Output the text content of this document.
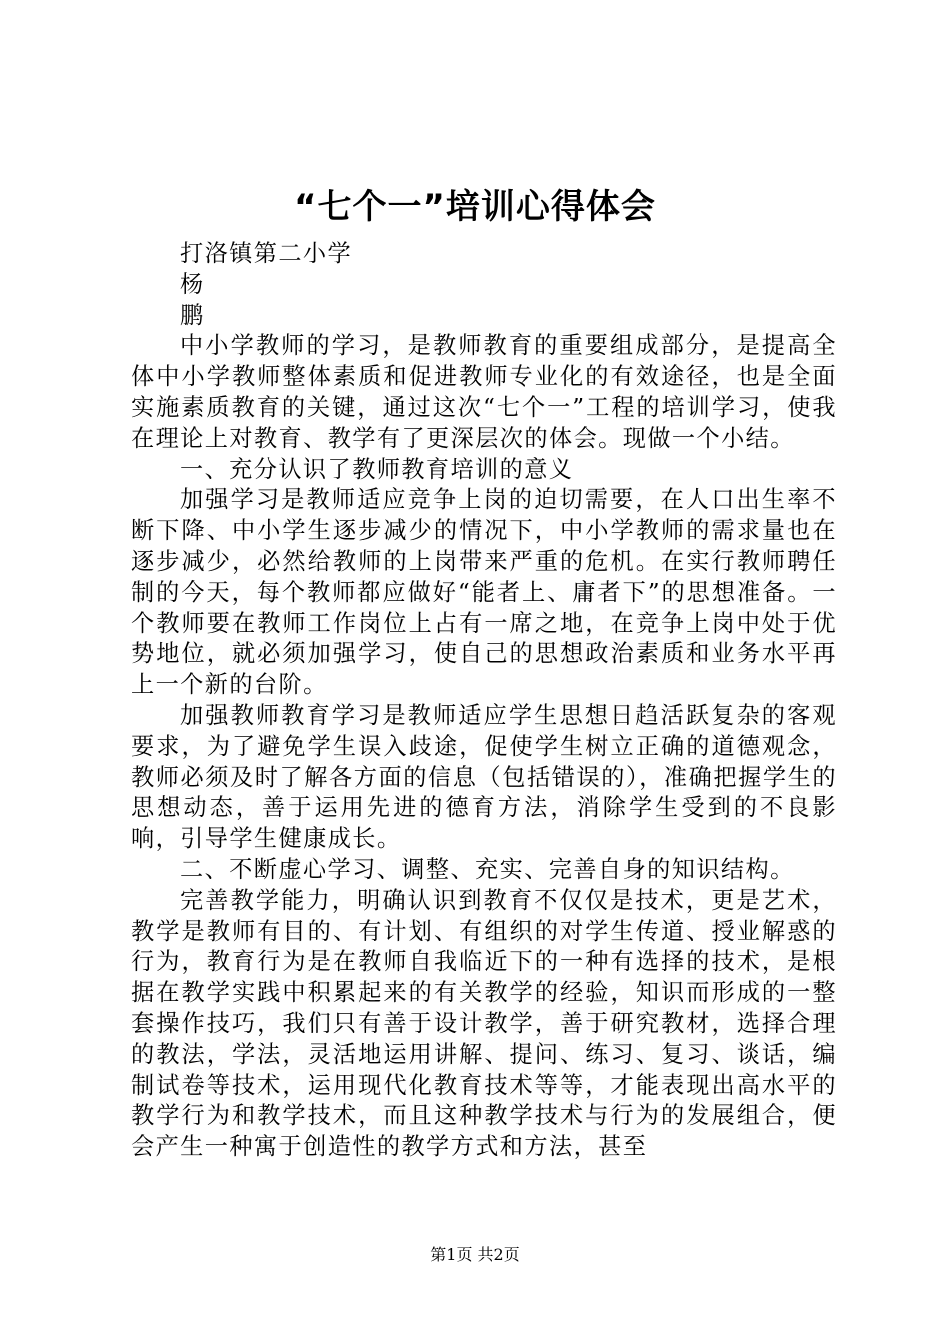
“七个一”培训心得体会

打洛镇第二小学

杨

鹏

中小学教师的学习，是教师教育的重要组成部分，是提高全体中小学教师整体素质和促进教师专业化的有效途径，也是全面实施素质教育的关键，通过这次“七个一”工程的培训学习，使我在理论上对教育、教学有了更深层次的体会。现做一个小结。

一、充分认识了教师教育培训的意义

加强学习是教师适应竞争上岗的迫切需要，在人口出生率不断下降、中小学生逐步减少的情况下，中小学教师的需求量也在逐步减少，必然给教师的上岗带来严重的危机。在实行教师聘任制的今天，每个教师都应做好“能者上、庸者下”的思想准备。一个教师要在教师工作岗位上占有一席之地，在竞争上岗中处于优势地位，就必须加强学习，使自己的思想政治素质和业务水平再上一个新的台阶。

加强教师教育学习是教师适应学生思想日趋活跃复杂的客观要求，为了避免学生误入歧途，促使学生树立正确的道德观念，教师必须及时了解各方面的信息（包括错误的），准确把握学生的思想动态，善于运用先进的德育方法，消除学生受到的不良影响，引导学生健康成长。

二、不断虚心学习、调整、充实、完善自身的知识结构。

完善教学能力，明确认识到教育不仅仅是技术，更是艺术，教学是教师有目的、有计划、有组织的对学生传道、授业解惑的行为，教育行为是在教师自我临近下的一种有选择的技术，是根据在教学实践中积累起来的有关教学的经验，知识而形成的一整套操作技巧，我们只有善于设计教学，善于研究教材，选择合理的教法，学法，灵活地运用讲解、提问、练习、复习、谈话，编制试卷等技术，运用现代化教育技术等等，才能表现出高水平的教学行为和教学技术，而且这种教学技术与行为的发展组合，便会产生一种寓于创造性的教学方式和方法，甚至

第1页 共2页
